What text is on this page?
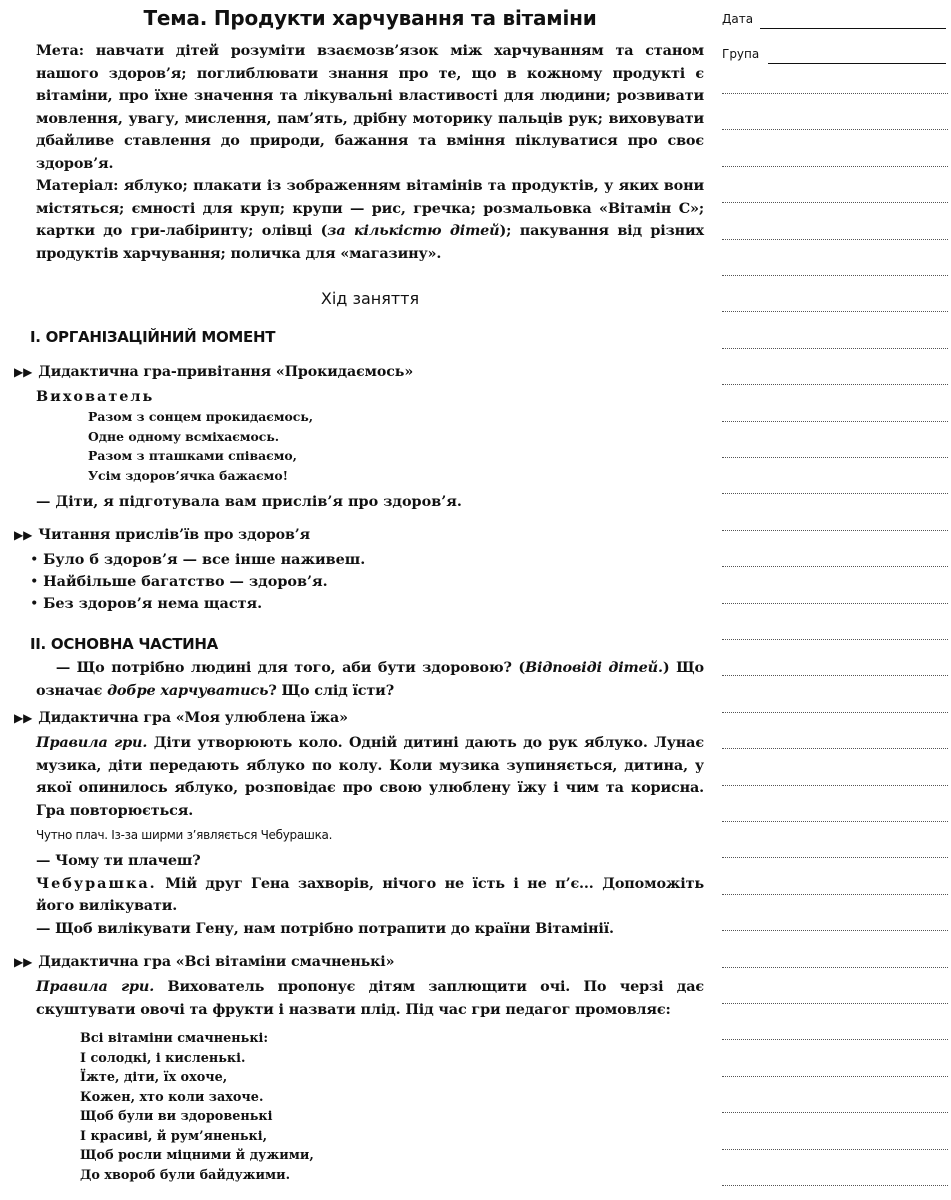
Тема. Продукти харчування та вітаміни

Мета: навчати дітей розуміти взаємозв’язок між харчуванням та станом нашого здоров’я; поглиблювати знання про те, що в кожному продукті є вітаміни, про їхне значення та лікувальні властивості для людини; розвивати мовлення, увагу, мислення, пам’ять, дрібну моторику пальців рук; виховувати дбайливе ставлення до природи, бажання та вміння піклуватися про своє здоров’я.

Матеріал: яблуко; плакати із зображенням вітамінів та продуктів, у яких вони містяться; ємності для круп; крупи — рис, гречка; розмальовка «Вітамін С»; картки до гри-лабіринту; олівці (за кількістю дітей); пакування від різних продуктів харчування; поличка для «магазину».

Хід заняття
I. ОРГАНІЗАЦІЙНИЙ МОМЕНТ
▶▶ Дидактична гра-привітання «Прокидаємось»
Вихователь
Разом з сонцем прокидаємось,
Одне одному всміхаємось.
Разом з пташками співаємо,
Усім здоров’ячка бажаємо!
— Діти, я підготувала вам прислів’я про здоров’я.
▶▶ Читання прислів’їв про здоров’я
• Було б здоров’я — все інше наживеш.
• Найбільше багатство — здоров’я.
• Без здоров’я нема щастя.
II. ОСНОВНА ЧАСТИНА

— Що потрібно людині для того, аби бути здоровою? (Відповіді дітей.) Що означає добре харчуватись? Що слід їсти?

▶▶ Дидактична гра «Моя улюблена їжа»

Правила гри. Діти утворюють коло. Одній дитині дають до рук яблуко. Лунає музика, діти передають яблуко по колу. Коли музика зупиняється, дитина, у якої опинилось яблуко, розповідає про свою улюблену їжу і чим та корисна. Гра повторюється.

Чутно плач. Із-за ширми з’являється Чебурашка.
— Чому ти плачеш?

Чебурашка. Мій друг Гена захворів, нічого не їсть і не п’є... Допоможіть його вилікувати.

— Щоб вилікувати Гену, нам потрібно потрапити до країни Вітамінії.
▶▶ Дидактична гра «Всі вітаміни смачненькі»

Правила гри. Вихователь пропонує дітям заплющити очі. По черзі дає скуштувати овочі та фрукти і назвати плід. Під час гри педагог промовляє:

Всі вітаміни смачненькі:
І солодкі, і кисленькі.
Їжте, діти, їх охоче,
Кожен, хто коли захоче.
Щоб були ви здоровенькі
І красиві, й рум’яненькі,
Щоб росли міцними й дужими,
До хвороб були байдужими.
Дата
Група
